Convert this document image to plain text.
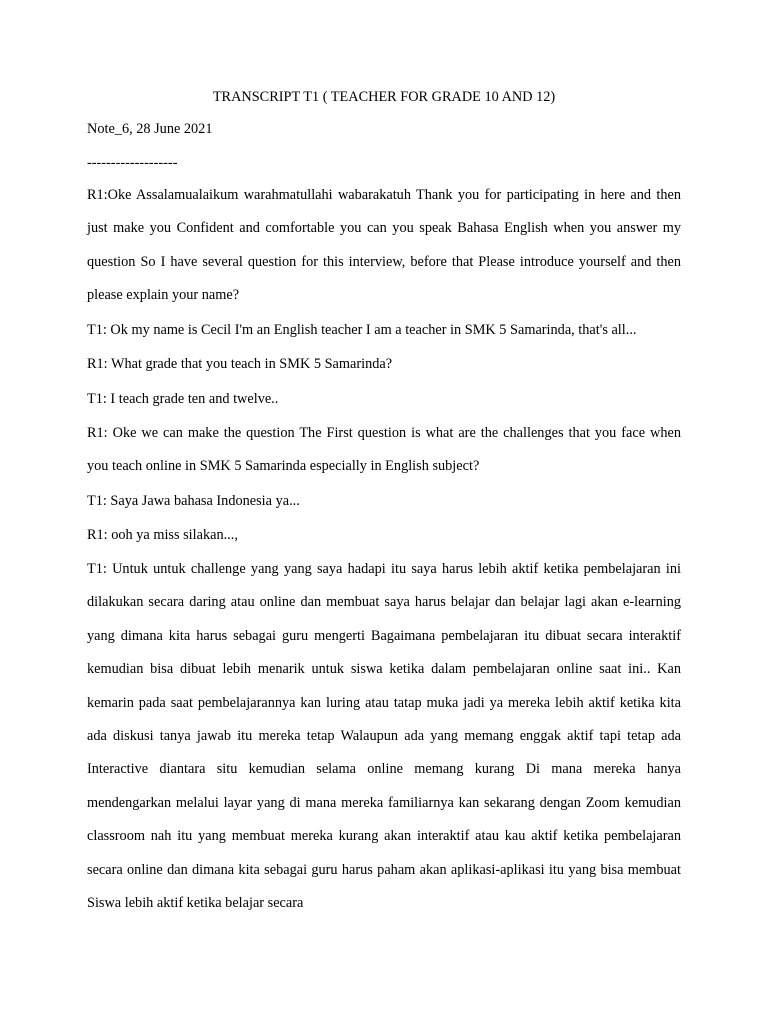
TRANSCRIPT T1 ( TEACHER FOR GRADE 10 AND 12)

Note_6, 28 June 2021

-------------------

R1:Oke Assalamualaikum warahmatullahi wabarakatuh Thank you for participating in here and then just make you Confident and comfortable you can you speak Bahasa English when you answer my question So I have several question for this interview, before that Please introduce yourself and then please explain your name?

T1: Ok my name is Cecil I'm an English teacher I am a teacher in SMK 5 Samarinda, that's all...

R1: What grade that you teach in SMK 5 Samarinda?

T1: I teach grade ten and twelve..

R1: Oke we can make the question The First question is what are the challenges that you face when you teach online in SMK 5 Samarinda especially in English subject?

T1: Saya Jawa bahasa Indonesia ya...

R1: ooh ya miss silakan...,

T1: Untuk untuk challenge yang yang saya hadapi itu saya harus lebih aktif ketika pembelajaran ini dilakukan secara daring atau online dan membuat saya harus belajar dan belajar lagi akan e-learning yang dimana kita harus sebagai guru mengerti Bagaimana pembelajaran itu dibuat secara interaktif kemudian bisa dibuat lebih menarik untuk siswa ketika dalam pembelajaran online saat ini.. Kan kemarin pada saat pembelajarannya kan luring atau tatap muka jadi ya mereka lebih aktif ketika kita ada diskusi tanya jawab itu mereka tetap Walaupun ada yang memang enggak aktif tapi tetap ada Interactive diantara situ kemudian selama online memang kurang Di mana mereka hanya mendengarkan melalui layar yang di mana mereka familiarnya kan sekarang dengan Zoom kemudian classroom nah itu yang membuat mereka kurang akan interaktif atau kau aktif ketika pembelajaran secara online dan dimana kita sebagai guru harus paham akan aplikasi-aplikasi itu yang bisa membuat Siswa lebih aktif ketika belajar secara
